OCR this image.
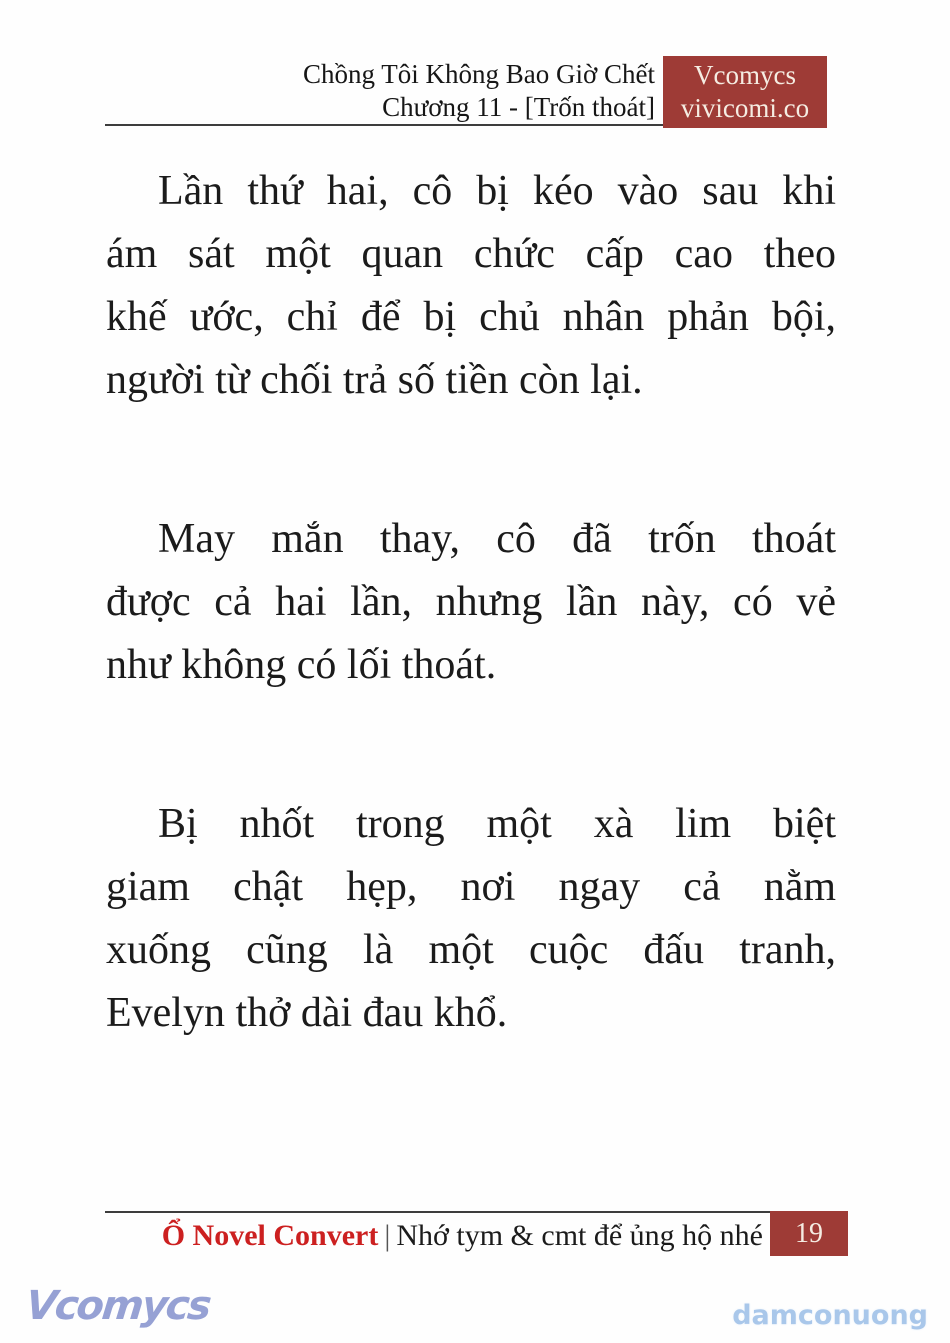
Chồng Tôi Không Bao Giờ Chết
Chương 11 - [Trốn thoát]
Vcomycs
vivicomi.co
Lần thứ hai, cô bị kéo vào sau khi
ám sát một quan chức cấp cao theo
khế ước, chỉ để bị chủ nhân phản bội,
người từ chối trả số tiền còn lại.
May mắn thay, cô đã trốn thoát
được cả hai lần, nhưng lần này, có vẻ
như không có lối thoát.
Bị nhốt trong một xà lim biệt
giam chật hẹp, nơi ngay cả nằm
xuống cũng là một cuộc đấu tranh,
Evelyn thở dài đau khổ.
Ổ Novel Convert | Nhớ tym & cmt để ủng hộ nhé 19
Vcomycs	damconuong
